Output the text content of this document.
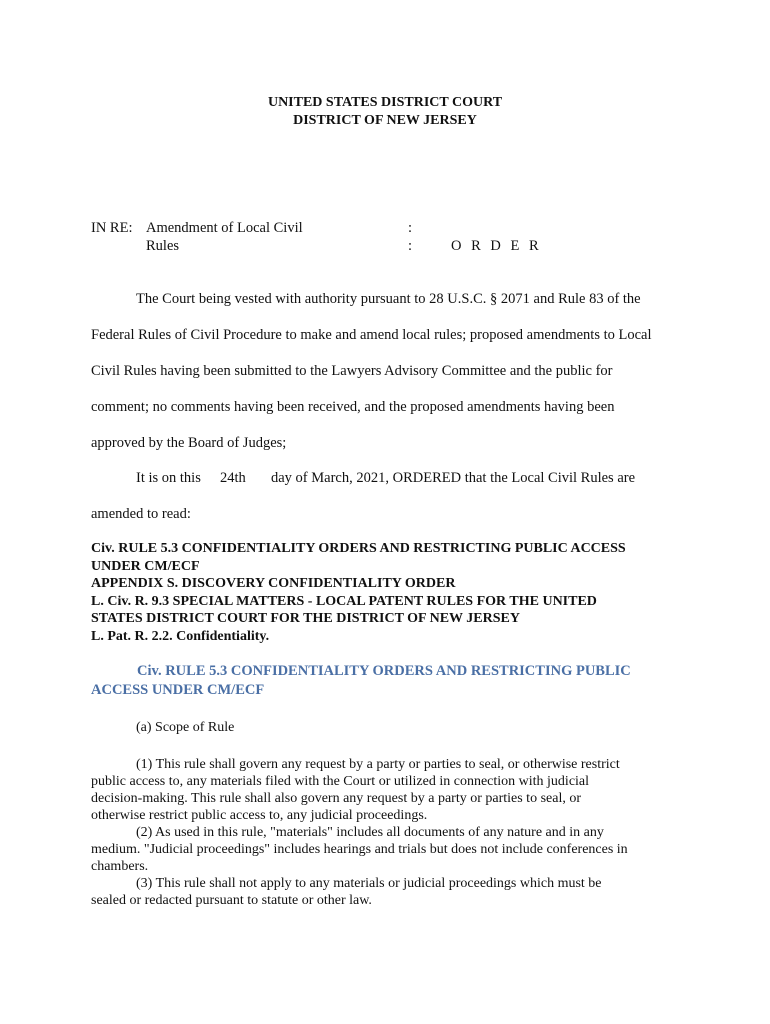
UNITED STATES DISTRICT COURT
DISTRICT OF NEW JERSEY
IN RE: Amendment of Local Civil
Rules
:
:	O R D E R
The Court being vested with authority pursuant to 28 U.S.C. § 2071 and Rule 83 of the
Federal Rules of Civil Procedure to make and amend local rules; proposed amendments to Local
Civil Rules having been submitted to the Lawyers Advisory Committee and the public for
comment; no comments having been received, and the proposed amendments having been
approved by the Board of Judges;
It is on this 24th day of March, 2021, ORDERED that the Local Civil Rules are
amended to read:
Civ. RULE 5.3 CONFIDENTIALITY ORDERS AND RESTRICTING PUBLIC ACCESS
UNDER CM/ECF
APPENDIX S. DISCOVERY CONFIDENTIALITY ORDER
L. Civ. R. 9.3 SPECIAL MATTERS - LOCAL PATENT RULES FOR THE UNITED
STATES DISTRICT COURT FOR THE DISTRICT OF NEW JERSEY
L. Pat. R. 2.2. Confidentiality.
Civ. RULE 5.3 CONFIDENTIALITY ORDERS AND RESTRICTING PUBLIC
ACCESS UNDER CM/ECF
(a) Scope of Rule
(1) This rule shall govern any request by a party or parties to seal, or otherwise restrict
public access to, any materials filed with the Court or utilized in connection with judicial
decision-making. This rule shall also govern any request by a party or parties to seal, or
otherwise restrict public access to, any judicial proceedings.
(2) As used in this rule, "materials" includes all documents of any nature and in any
medium. "Judicial proceedings" includes hearings and trials but does not include conferences in
chambers.
(3) This rule shall not apply to any materials or judicial proceedings which must be
sealed or redacted pursuant to statute or other law.
